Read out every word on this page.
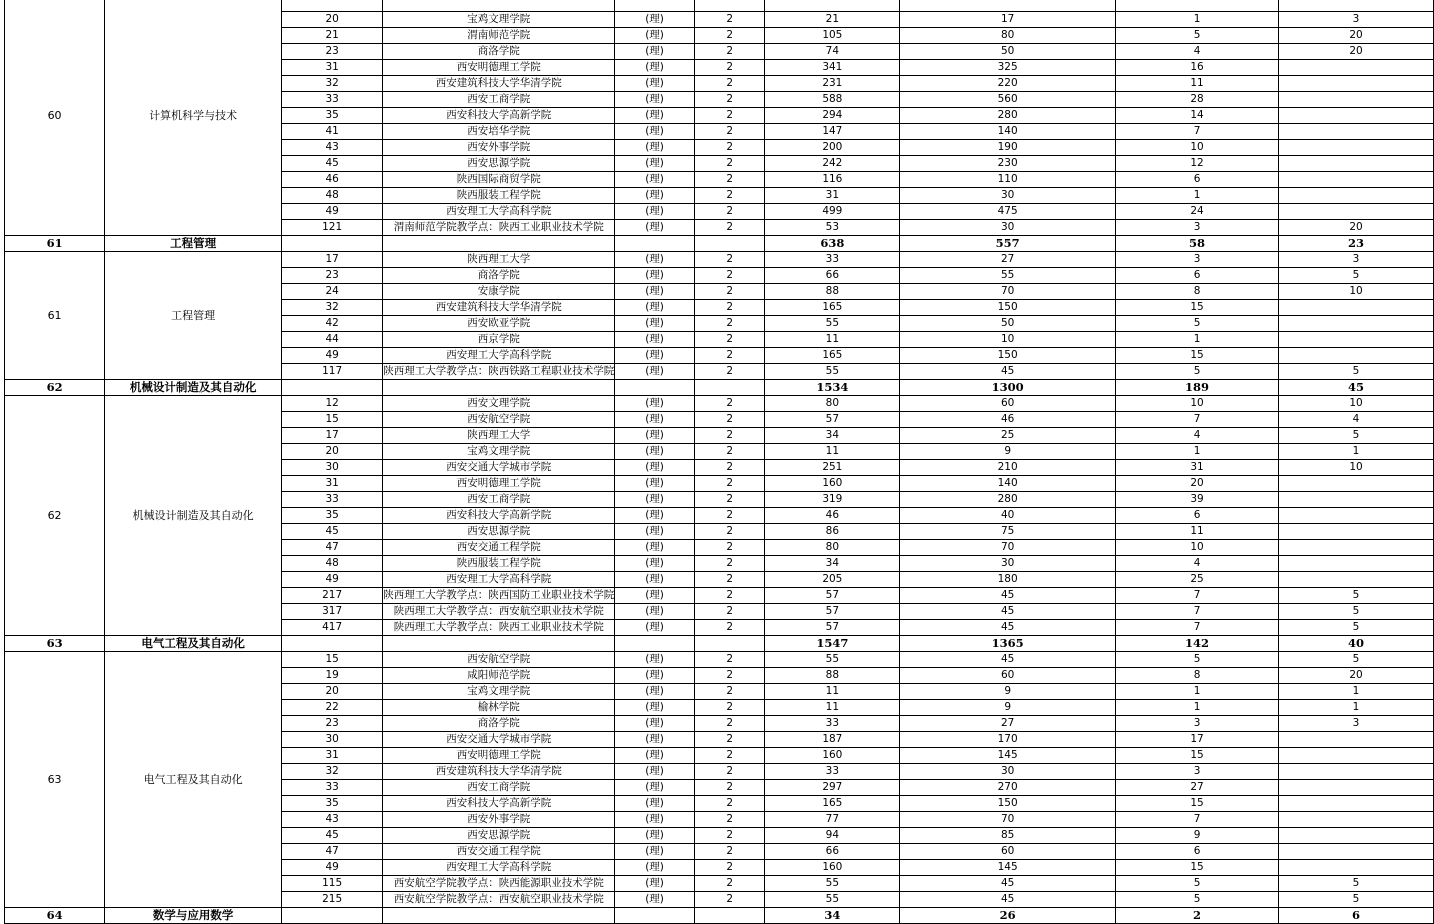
60	计算机科学与技术								
		20	宝鸡文理学院	(理)	2	21	17	1	3
		21	渭南师范学院	(理)	2	105	80	5	20
		23	商洛学院	(理)	2	74	50	4	20
		31	西安明德理工学院	(理)	2	341	325	16	
		32	西安建筑科技大学华清学院	(理)	2	231	220	11	
		33	西安工商学院	(理)	2	588	560	28	
		35	西安科技大学高新学院	(理)	2	294	280	14	
		41	西安培华学院	(理)	2	147	140	7	
		43	西安外事学院	(理)	2	200	190	10	
		45	西安思源学院	(理)	2	242	230	12	
		46	陕西国际商贸学院	(理)	2	116	110	6	
		48	陕西服装工程学院	(理)	2	31	30	1	
		49	西安理工大学高科学院	(理)	2	499	475	24	
		121	渭南师范学院教学点：陕西工业职业技术学院	(理)	2	53	30	3	20
61	工程管理					638	557	58	23
61	工程管理	17	陕西理工大学	(理)	2	33	27	3	3
		23	商洛学院	(理)	2	66	55	6	5
		24	安康学院	(理)	2	88	70	8	10
		32	西安建筑科技大学华清学院	(理)	2	165	150	15	
		42	西安欧亚学院	(理)	2	55	50	5	
		44	西京学院	(理)	2	11	10	1	
		49	西安理工大学高科学院	(理)	2	165	150	15	
		117	陕西理工大学教学点：陕西铁路工程职业技术学院	(理)	2	55	45	5	5
62	机械设计制造及其自动化					1534	1300	189	45
62	机械设计制造及其自动化	12	西安文理学院	(理)	2	80	60	10	10
		15	西安航空学院	(理)	2	57	46	7	4
		17	陕西理工大学	(理)	2	34	25	4	5
		20	宝鸡文理学院	(理)	2	11	9	1	1
		30	西安交通大学城市学院	(理)	2	251	210	31	10
		31	西安明德理工学院	(理)	2	160	140	20	
		33	西安工商学院	(理)	2	319	280	39	
		35	西安科技大学高新学院	(理)	2	46	40	6	
		45	西安思源学院	(理)	2	86	75	11	
		47	西安交通工程学院	(理)	2	80	70	10	
		48	陕西服装工程学院	(理)	2	34	30	4	
		49	西安理工大学高科学院	(理)	2	205	180	25	
		217	陕西理工大学教学点：陕西国防工业职业技术学院	(理)	2	57	45	7	5
		317	陕西理工大学教学点：西安航空职业技术学院	(理)	2	57	45	7	5
		417	陕西理工大学教学点：陕西工业职业技术学院	(理)	2	57	45	7	5
63	电气工程及其自动化					1547	1365	142	40
63	电气工程及其自动化	15	西安航空学院	(理)	2	55	45	5	5
		19	咸阳师范学院	(理)	2	88	60	8	20
		20	宝鸡文理学院	(理)	2	11	9	1	1
		22	榆林学院	(理)	2	11	9	1	1
		23	商洛学院	(理)	2	33	27	3	3
		30	西安交通大学城市学院	(理)	2	187	170	17	
		31	西安明德理工学院	(理)	2	160	145	15	
		32	西安建筑科技大学华清学院	(理)	2	33	30	3	
		33	西安工商学院	(理)	2	297	270	27	
		35	西安科技大学高新学院	(理)	2	165	150	15	
		43	西安外事学院	(理)	2	77	70	7	
		45	西安思源学院	(理)	2	94	85	9	
		47	西安交通工程学院	(理)	2	66	60	6	
		49	西安理工大学高科学院	(理)	2	160	145	15	
		115	西安航空学院教学点：陕西能源职业技术学院	(理)	2	55	45	5	5
		215	西安航空学院教学点：西安航空职业技术学院	(理)	2	55	45	5	5
64	数学与应用数学					34	26	2	6
